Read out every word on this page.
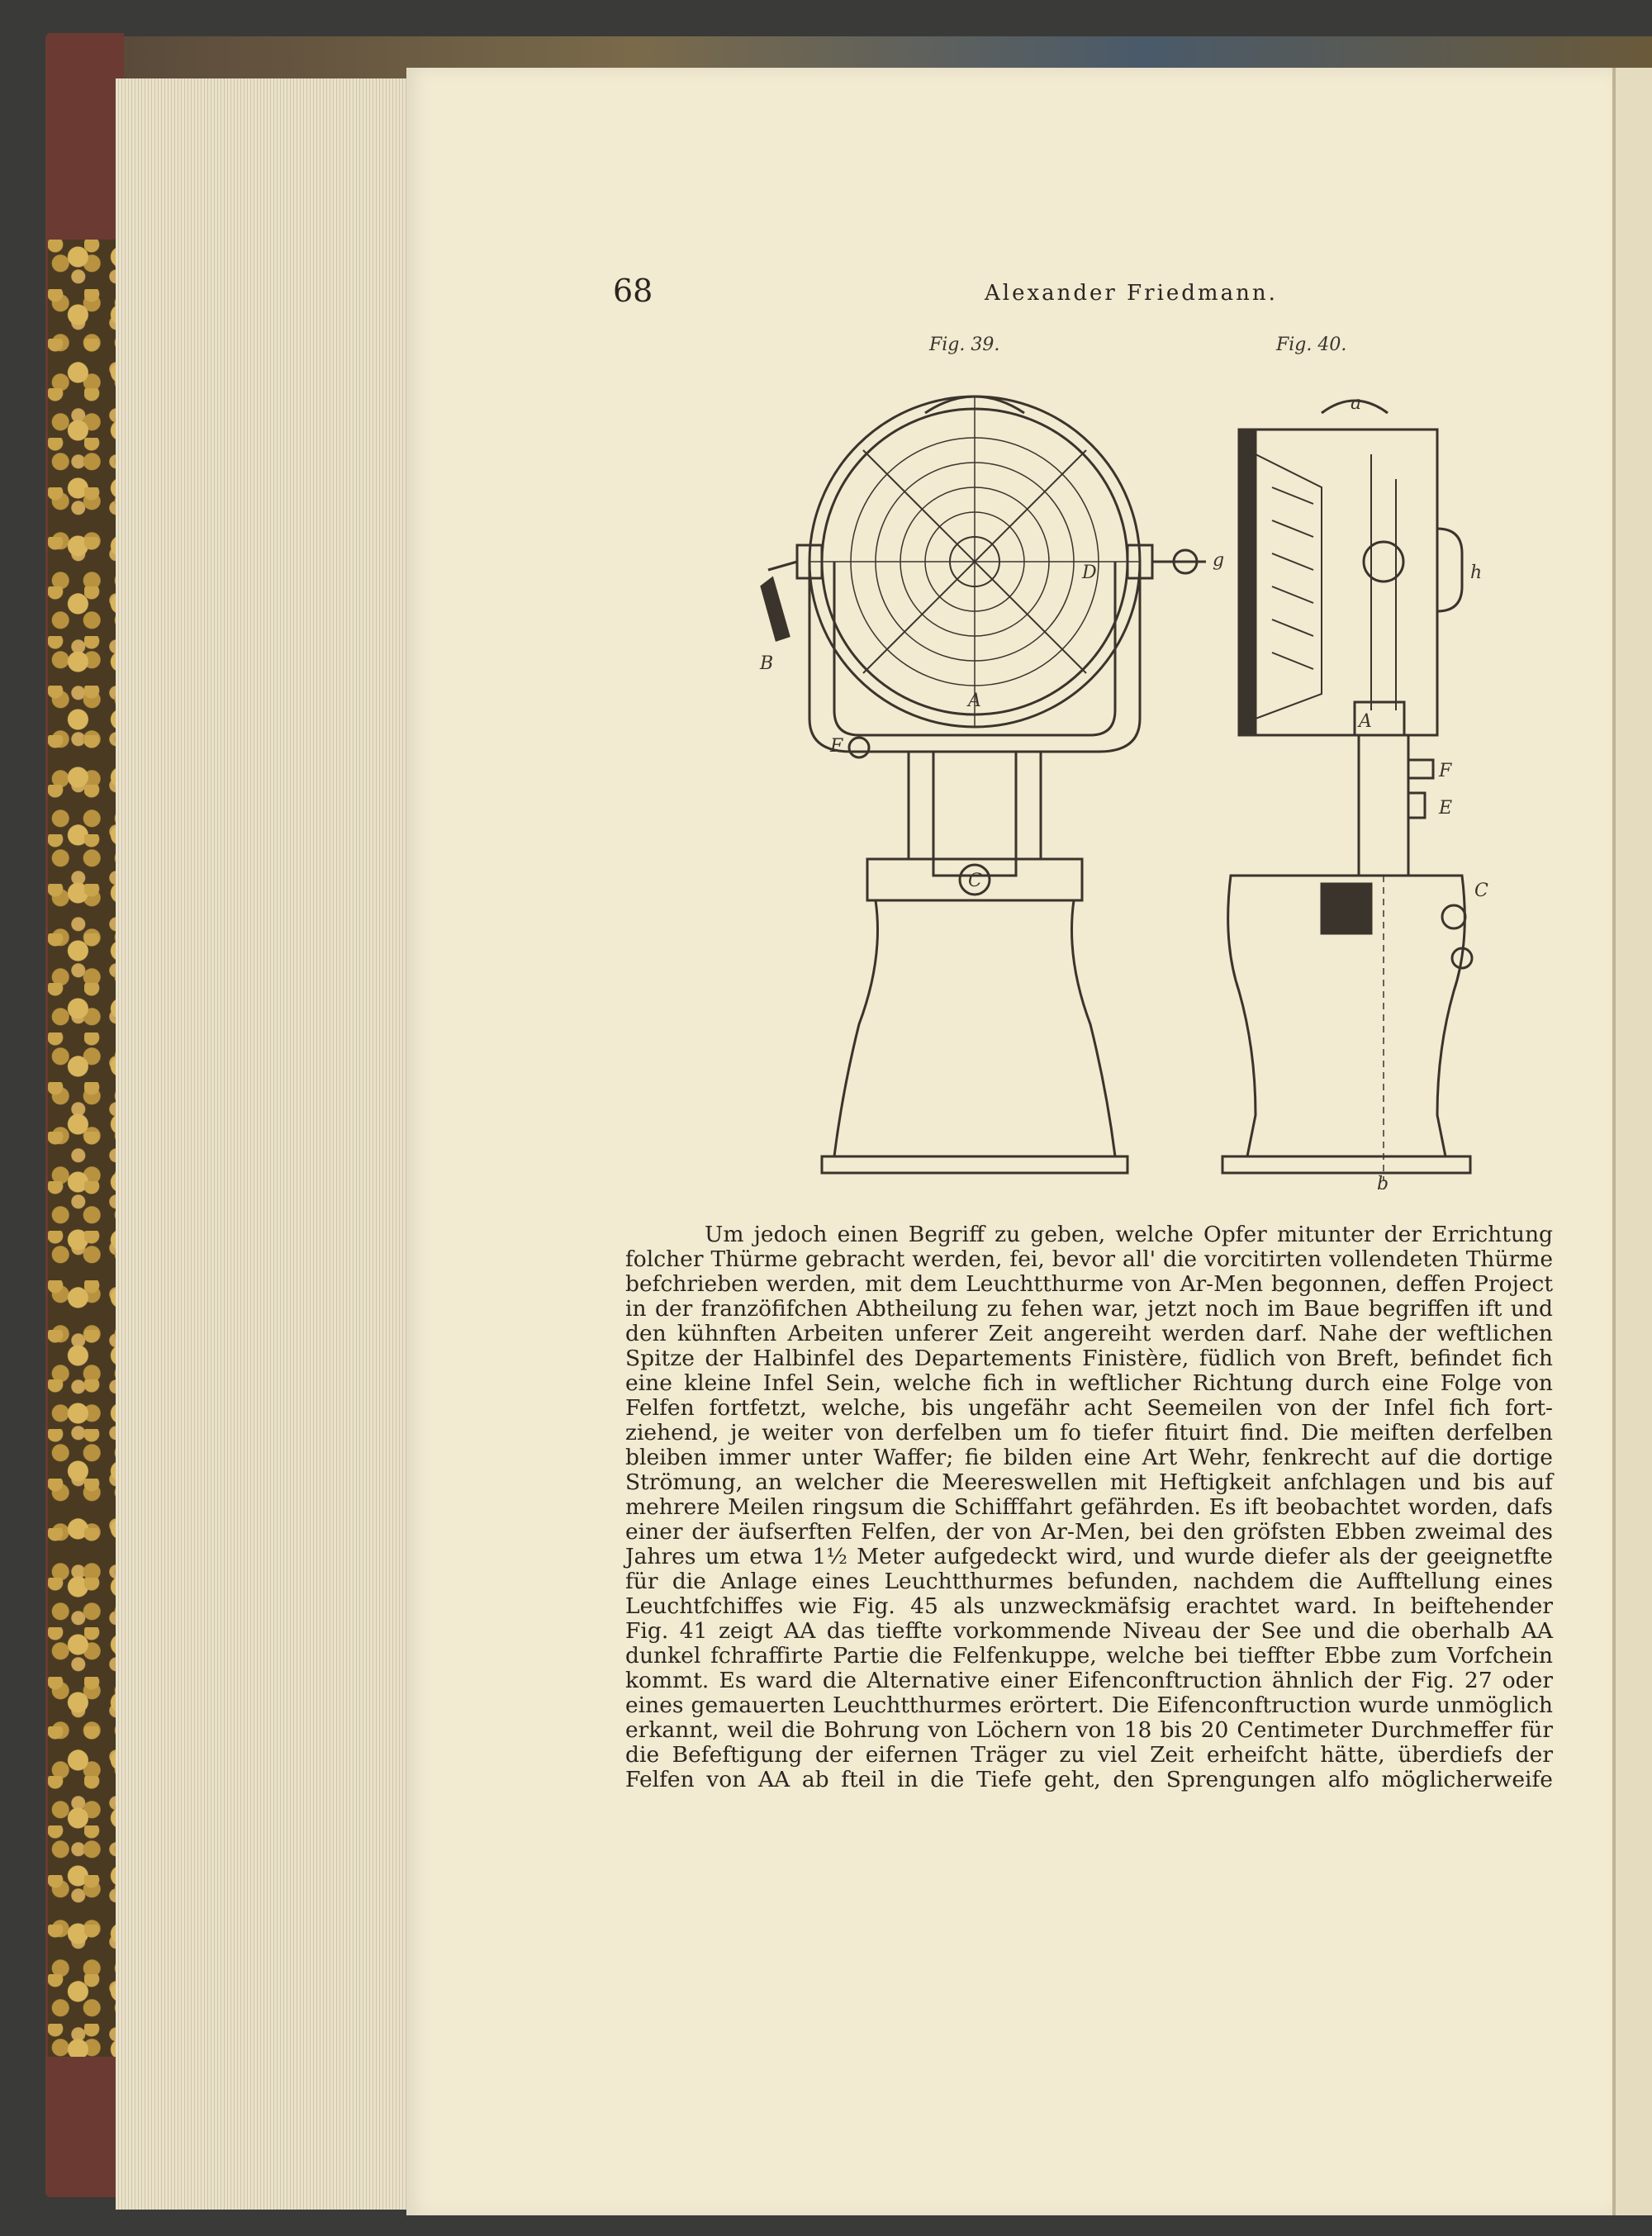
68	Alexander Friedmann.
Fig. 39.	Fig. 40.
B
D
A
F
C
g
a
h
A
F
E
C
b
Um jedoch einen Begriff zu geben, welche Opfer mitunter der Errichtung
folcher Thürme gebracht werden, fei, bevor all' die vorcitirten vollendeten Thürme
befchrieben werden, mit dem Leuchtthurme von Ar-Men begonnen, deffen Project
in der franzöfifchen Abtheilung zu fehen war, jetzt noch im Baue begriffen ift und
den kühnften Arbeiten unferer Zeit angereiht werden darf. Nahe der weftlichen
Spitze der Halbinfel des Departements Finistère, füdlich von Breft, befindet fich
eine kleine Infel Sein, welche fich in weftlicher Richtung durch eine Folge von
Felfen fortfetzt, welche, bis ungefähr acht Seemeilen von der Infel fich fort-
ziehend, je weiter von derfelben um fo tiefer fituirt find. Die meiften derfelben
bleiben immer unter Waffer; fie bilden eine Art Wehr, fenkrecht auf die dortige
Strömung, an welcher die Meereswellen mit Heftigkeit anfchlagen und bis auf
mehrere Meilen ringsum die Schifffahrt gefährden. Es ift beobachtet worden, dafs
einer der äufserften Felfen, der von Ar-Men, bei den gröfsten Ebben zweimal des
Jahres um etwa 1½ Meter aufgedeckt wird, und wurde diefer als der geeignetfte
für die Anlage eines Leuchtthurmes befunden, nachdem die Aufftellung eines
Leuchtfchiffes wie Fig. 45 als unzweckmäfsig erachtet ward. In beiftehender
Fig. 41 zeigt AA das tieffte vorkommende Niveau der See und die oberhalb AA
dunkel fchraffirte Partie die Felfenkuppe, welche bei tieffter Ebbe zum Vorfchein
kommt. Es ward die Alternative einer Eifenconftruction ähnlich der Fig. 27 oder
eines gemauerten Leuchtthurmes erörtert. Die Eifenconftruction wurde unmöglich
erkannt, weil die Bohrung von Löchern von 18 bis 20 Centimeter Durchmeffer für
die Befeftigung der eifernen Träger zu viel Zeit erheifcht hätte, überdiefs der
Felfen von AA ab fteil in die Tiefe geht, den Sprengungen alfo möglicherweife
